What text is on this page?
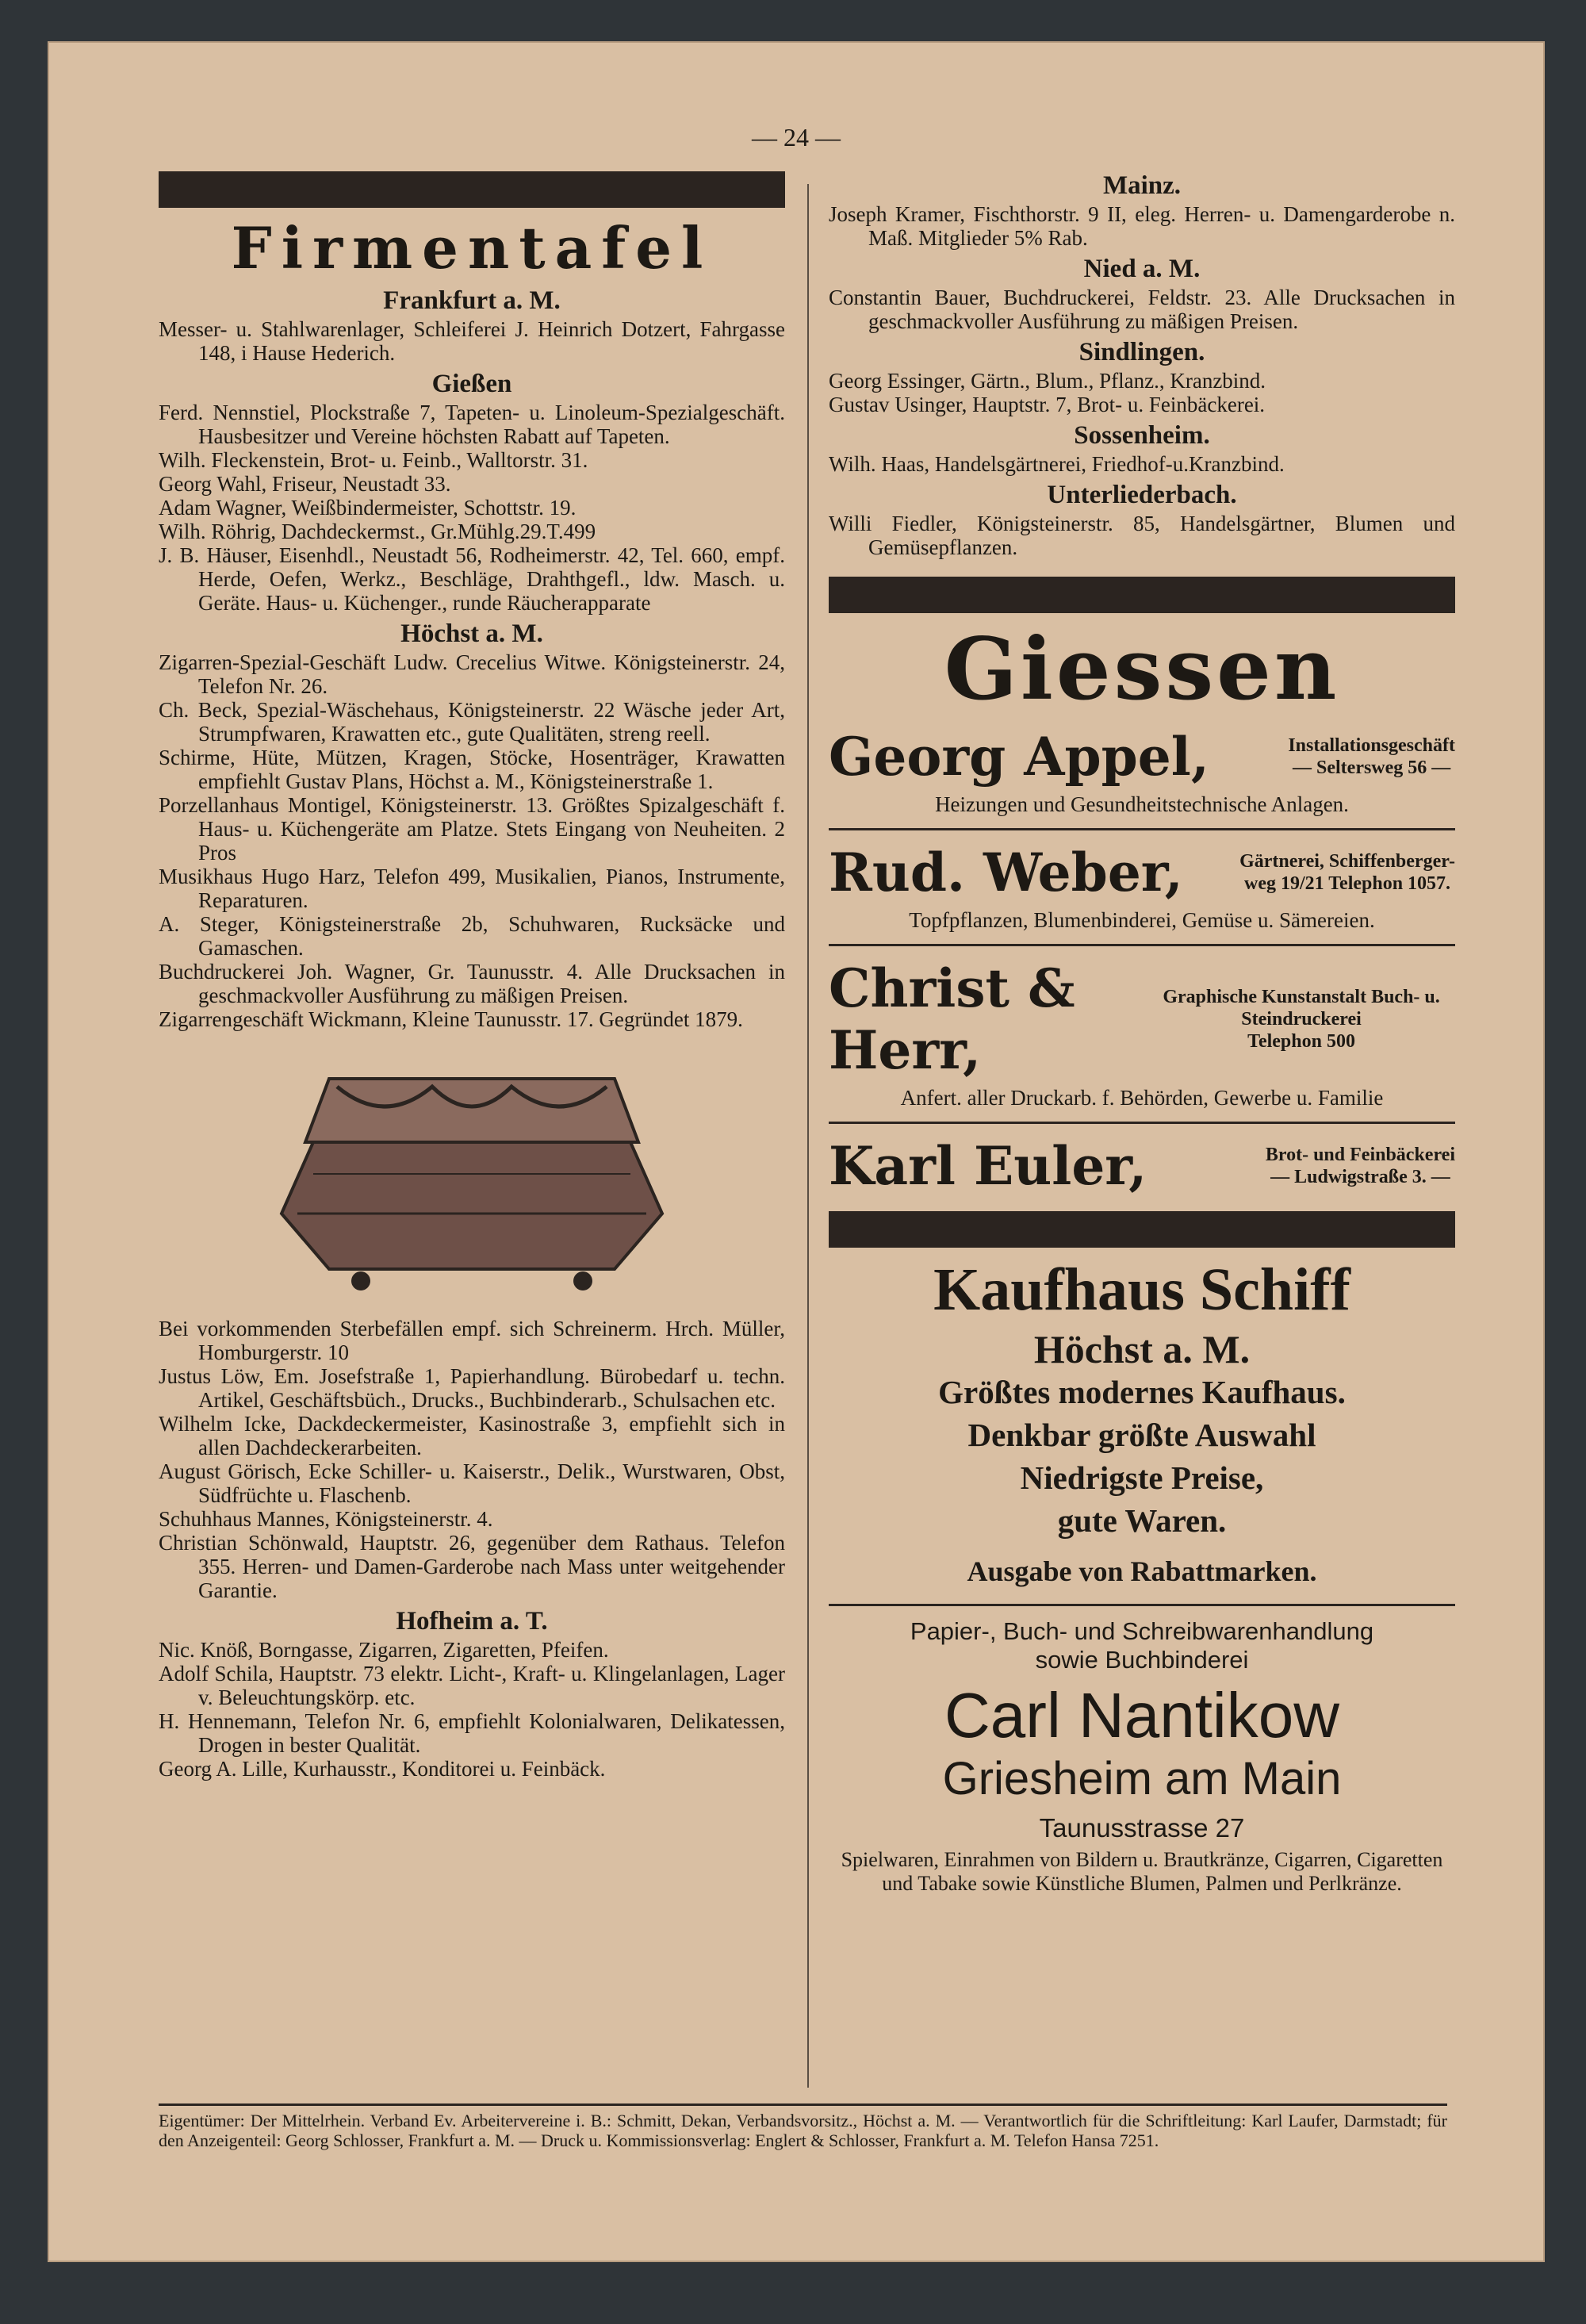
— 24 —
Firmentafel
Frankfurt a. M.

Messer- u. Stahlwarenlager, Schleiferei J. Heinrich Dotzert, Fahrgasse 148, i Hause Hederich.

Gießen

Ferd. Nennstiel, Plockstraße 7, Tapeten- u. Linoleum-Spezialgeschäft. Hausbesitzer und Vereine höchsten Rabatt auf Tapeten.

Wilh. Fleckenstein, Brot- u. Feinb., Walltorstr. 31.

Georg Wahl, Friseur, Neustadt 33.

Adam Wagner, Weißbindermeister, Schottstr. 19.

Wilh. Röhrig, Dachdeckermst., Gr.Mühlg.29.T.499

J. B. Häuser, Eisenhdl., Neustadt 56, Rodheimerstr. 42, Tel. 660, empf. Herde, Oefen, Werkz., Beschläge, Drahthgefl., ldw. Masch. u. Geräte. Haus- u. Küchenger., runde Räucherapparate

Höchst a. M.

Zigarren-Spezial-Geschäft Ludw. Crecelius Witwe. Königsteinerstr. 24, Telefon Nr. 26.

Ch. Beck, Spezial-Wäschehaus, Königsteinerstr. 22 Wäsche jeder Art, Strumpfwaren, Krawatten etc., gute Qualitäten, streng reell.

Schirme, Hüte, Mützen, Kragen, Stöcke, Hosenträger, Krawatten empfiehlt Gustav Plans, Höchst a. M., Königsteinerstraße 1.

Porzellanhaus Montigel, Königsteinerstr. 13. Größtes Spizalgeschäft f. Haus- u. Küchengeräte am Platze. Stets Eingang von Neuheiten. 2 Pros

Musikhaus Hugo Harz, Telefon 499, Musikalien, Pianos, Instrumente, Reparaturen.

A. Steger, Königsteinerstraße 2b, Schuhwaren, Rucksäcke und Gamaschen.

Buchdruckerei Joh. Wagner, Gr. Taunusstr. 4. Alle Drucksachen in geschmackvoller Ausführung zu mäßigen Preisen.

Zigarrengeschäft Wickmann, Kleine Taunusstr. 17. Gegründet 1879.

Bei vorkommenden Sterbefällen empf. sich Schreinerm. Hrch. Müller, Homburgerstr. 10

Justus Löw, Em. Josefstraße 1, Papierhandlung. Bürobedarf u. techn. Artikel, Geschäftsbüch., Drucks., Buchbinderarb., Schulsachen etc.

Wilhelm Icke, Dackdeckermeister, Kasinostraße 3, empfiehlt sich in allen Dachdeckerarbeiten.

August Görisch, Ecke Schiller- u. Kaiserstr., Delik., Wurstwaren, Obst, Südfrüchte u. Flaschenb.

Schuhhaus Mannes, Königsteinerstr. 4.

Christian Schönwald, Hauptstr. 26, gegenüber dem Rathaus. Telefon 355. Herren- und Damen-Garderobe nach Mass unter weitgehender Garantie.

Hofheim a. T.

Nic. Knöß, Borngasse, Zigarren, Zigaretten, Pfeifen.

Adolf Schila, Hauptstr. 73 elektr. Licht-, Kraft- u. Klingelanlagen, Lager v. Beleuchtungskörp. etc.

H. Hennemann, Telefon Nr. 6, empfiehlt Kolonialwaren, Delikatessen, Drogen in bester Qualität.

Georg A. Lille, Kurhausstr., Konditorei u. Feinbäck.

Mainz.

Joseph Kramer, Fischthorstr. 9 II, eleg. Herren- u. Damengarderobe n. Maß. Mitglieder 5% Rab.

Nied a. M.

Constantin Bauer, Buchdruckerei, Feldstr. 23. Alle Drucksachen in geschmackvoller Ausführung zu mäßigen Preisen.

Sindlingen.

Georg Essinger, Gärtn., Blum., Pflanz., Kranzbind.

Gustav Usinger, Hauptstr. 7, Brot- u. Feinbäckerei.

Sossenheim.

Wilh. Haas, Handelsgärtnerei, Friedhof-u.Kranzbind.

Unterliederbach.

Willi Fiedler, Königsteinerstr. 85, Handelsgärtner, Blumen und Gemüsepflanzen.

Giessen
Georg Appel,	Installationsgeschäft
— Seltersweg 56 —
Heizungen und Gesundheitstechnische Anlagen.
Rud. Weber,	Gärtnerei, Schiffenberger-
weg 19/21 Telephon 1057.
Topfpflanzen, Blumenbinderei, Gemüse u. Sämereien.
Christ & Herr,
Graphische Kunstanstalt Buch- u. Steindruckerei
Telephon 500
Anfert. aller Druckarb. f. Behörden, Gewerbe u. Familie
Karl Euler,	Brot- und Feinbäckerei
— Ludwigstraße 3. —
Kaufhaus Schiff
Höchst a. M.
Größtes modernes Kaufhaus.
Denkbar größte Auswahl
Niedrigste Preise,
gute Waren.
Ausgabe von Rabattmarken.
Papier-, Buch- und Schreibwarenhandlung
sowie Buchbinderei
Carl Nantikow
Griesheim am Main
Taunusstrasse 27
Spielwaren, Einrahmen von Bildern u. Brautkränze, Cigarren, Cigaretten und Tabake sowie Künstliche Blumen, Palmen und Perlkränze.
Eigentümer: Der Mittelrhein. Verband Ev. Arbeitervereine i. B.: Schmitt, Dekan, Verbandsvorsitz., Höchst a. M. — Verantwortlich für die Schriftleitung: Karl Laufer, Darmstadt; für den Anzeigenteil: Georg Schlosser, Frankfurt a. M. — Druck u. Kommissionsverlag: Englert & Schlosser, Frankfurt a. M. Telefon Hansa 7251.
